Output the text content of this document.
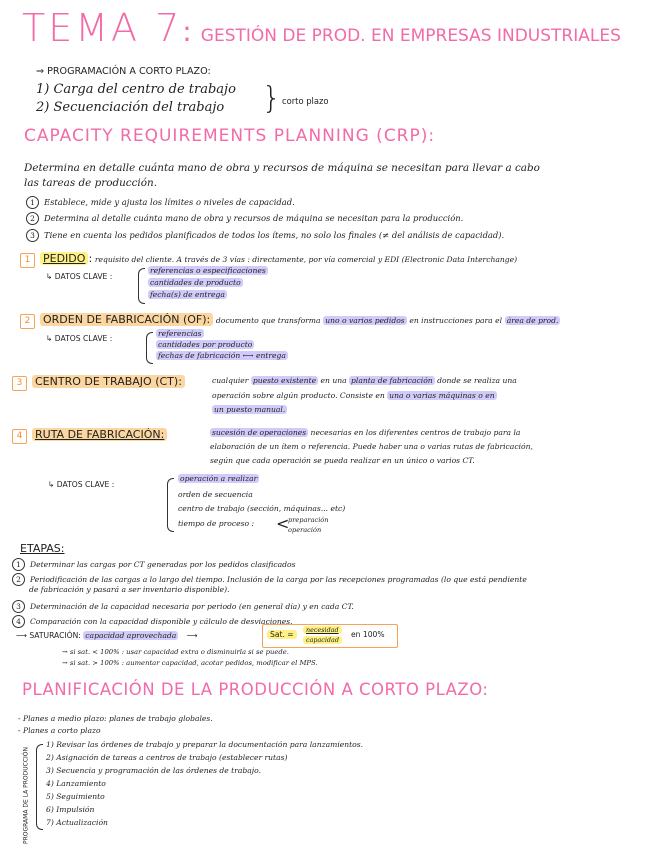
TEMA 7: GESTIÓN DE PROD. EN EMPRESAS INDUSTRIALES
⇒ PROGRAMACIÓN A CORTO PLAZO:
1) Carga del centro de trabajo
2) Secuenciación del trabajo } corto plazo
CAPACITY REQUIREMENTS PLANNING (CRP):
Determina en detalle cuánta mano de obra y recursos de máquina se necesitan para llevar a cabo
las tareas de producción.
1 Establece, mide y ajusta los límites o niveles de capacidad.
2 Determina al detalle cuánta mano de obra y recursos de máquina se necesitan para la producción.
3 Tiene en cuenta los pedidos planificados de todos los ítems, no solo los finales (≠ del análisis de capacidad).
1 PEDIDO : requisito del cliente. A través de 3 vías : directamente, por vía comercial y EDI (Electronic Data Interchange)
↳ DATOS CLAVE :
referencias o especificaciones
cantidades de producto
fecha(s) de entrega
2 ORDEN DE FABRICACIÓN (OF): documento que transforma uno o varios pedidos en instrucciones para el área de prod.
↳ DATOS CLAVE :
referencias
cantidades por producto
fechas de fabricación ⟷ entrega
3 CENTRO DE TRABAJO (CT):	cualquier puesto existente en una planta de fabricación donde se realiza una
operación sobre algún producto. Consiste en una o varias máquinas o en
un puesto manual.
4 RUTA DE FABRICACIÓN:	sucesión de operaciones necesarias en los diferentes centros de trabajo para la
elaboración de un ítem o referencia. Puede haber una o varias rutas de fabricación,
según que cada operación se pueda realizar en un único o varios CT.
↳ DATOS CLAVE :
operación a realizar
orden de secuencia
centro de trabajo (sección, máquinas... etc)
tiempo de proceso : <
preparación
operación
ETAPAS:
1 Determinar las cargas por CT generadas por los pedidos clasificados
2 Periodificación de las cargas a lo largo del tiempo. Inclusión de la carga por las recepciones programadas (lo que está pendiente
de fabricación y pasará a ser inventario disponible).
3 Determinación de la capacidad necesaria por periodo (en general día) y en cada CT.
4 Comparación con la capacidad disponible y cálculo de desviaciones.
⟶ SATURACIÓN: capacidad aprovechada ⟶	Sat. =	necesidad
capacidad
en 100%
→ si sat. < 100% : usar capacidad extra o disminuirla si se puede.
→ si sat. > 100% : aumentar capacidad, acotar pedidos, modificar el MPS.
PLANIFICACIÓN DE LA PRODUCCIÓN A CORTO PLAZO:
- Planes a medio plazo: planes de trabajo globales.
- Planes a corto plazo
PROGRAMA DE LA PRODUCCIÓN
1) Revisar las órdenes de trabajo y preparar la documentación para lanzamientos.
2) Asignación de tareas a centros de trabajo (establecer rutas)
3) Secuencia y programación de las órdenes de trabajo.
4) Lanzamiento
5) Seguimiento
6) Impulsión
7) Actualización
